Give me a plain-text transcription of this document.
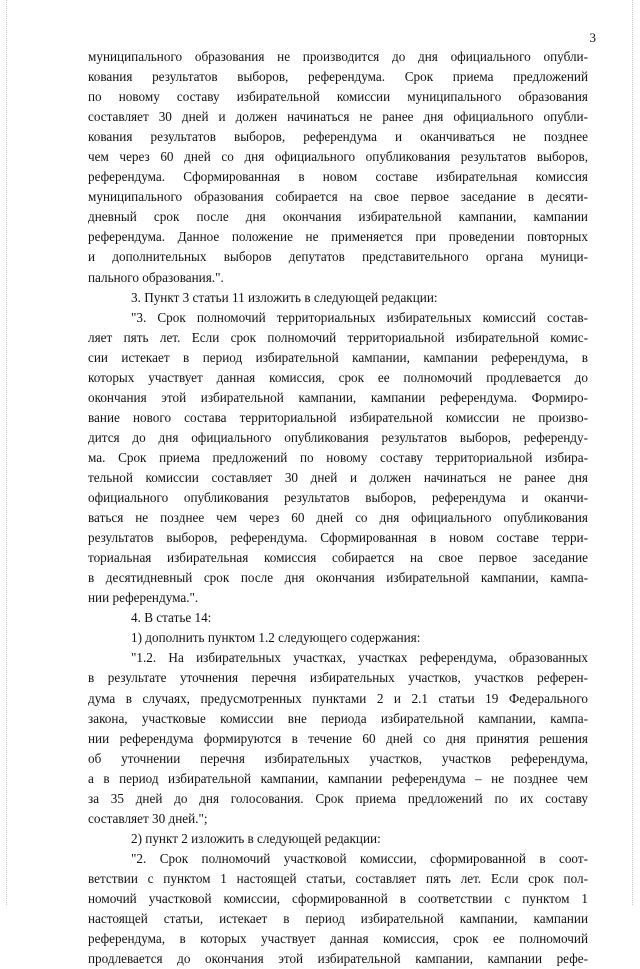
3
муниципального образования не производится до дня официального опубли-
кования результатов выборов, референдума. Срок приема предложений
по новому составу избирательной комиссии муниципального образования
составляет 30 дней и должен начинаться не ранее дня официального опубли-
кования результатов выборов, референдума и оканчиваться не позднее
чем через 60 дней со дня официального опубликования результатов выборов,
референдума. Сформированная в новом составе избирательная комиссия
муниципального образования собирается на свое первое заседание в десяти-
дневный срок после дня окончания избирательной кампании, кампании
референдума. Данное положение не применяется при проведении повторных
и дополнительных выборов депутатов представительного органа муници-
пального образования.".
3. Пункт 3 статьи 11 изложить в следующей редакции:
"3. Срок полномочий территориальных избирательных комиссий состав-
ляет пять лет. Если срок полномочий территориальной избирательной комис-
сии истекает в период избирательной кампании, кампании референдума, в
которых участвует данная комиссия, срок ее полномочий продлевается до
окончания этой избирательной кампании, кампании референдума. Формиро-
вание нового состава территориальной избирательной комиссии не произво-
дится до дня официального опубликования результатов выборов, референду-
ма. Срок приема предложений по новому составу территориальной избира-
тельной комиссии составляет 30 дней и должен начинаться не ранее дня
официального опубликования результатов выборов, референдума и оканчи-
ваться не позднее чем через 60 дней со дня официального опубликования
результатов выборов, референдума. Сформированная в новом составе терри-
ториальная избирательная комиссия собирается на свое первое заседание
в десятидневный срок после дня окончания избирательной кампании, кампа-
нии референдума.".
4. В статье 14:
1) дополнить пунктом 1.2 следующего содержания:
"1.2. На избирательных участках, участках референдума, образованных
в результате уточнения перечня избирательных участков, участков референ-
дума в случаях, предусмотренных пунктами 2 и 2.1 статьи 19 Федерального
закона, участковые комиссии вне периода избирательной кампании, кампа-
нии референдума формируются в течение 60 дней со дня принятия решения
об уточнении перечня избирательных участков, участков референдума,
а в период избирательной кампании, кампании референдума – не позднее чем
за 35 дней до дня голосования. Срок приема предложений по их составу
составляет 30 дней.";
2) пункт 2 изложить в следующей редакции:
"2. Срок полномочий участковой комиссии, сформированной в соот-
ветствии с пунктом 1 настоящей статьи, составляет пять лет. Если срок пол-
номочий участковой комиссии, сформированной в соответствии с пунктом 1
настоящей статьи, истекает в период избирательной кампании, кампании
референдума, в которых участвует данная комиссия, срок ее полномочий
продлевается до окончания этой избирательной кампании, кампании рефе-
